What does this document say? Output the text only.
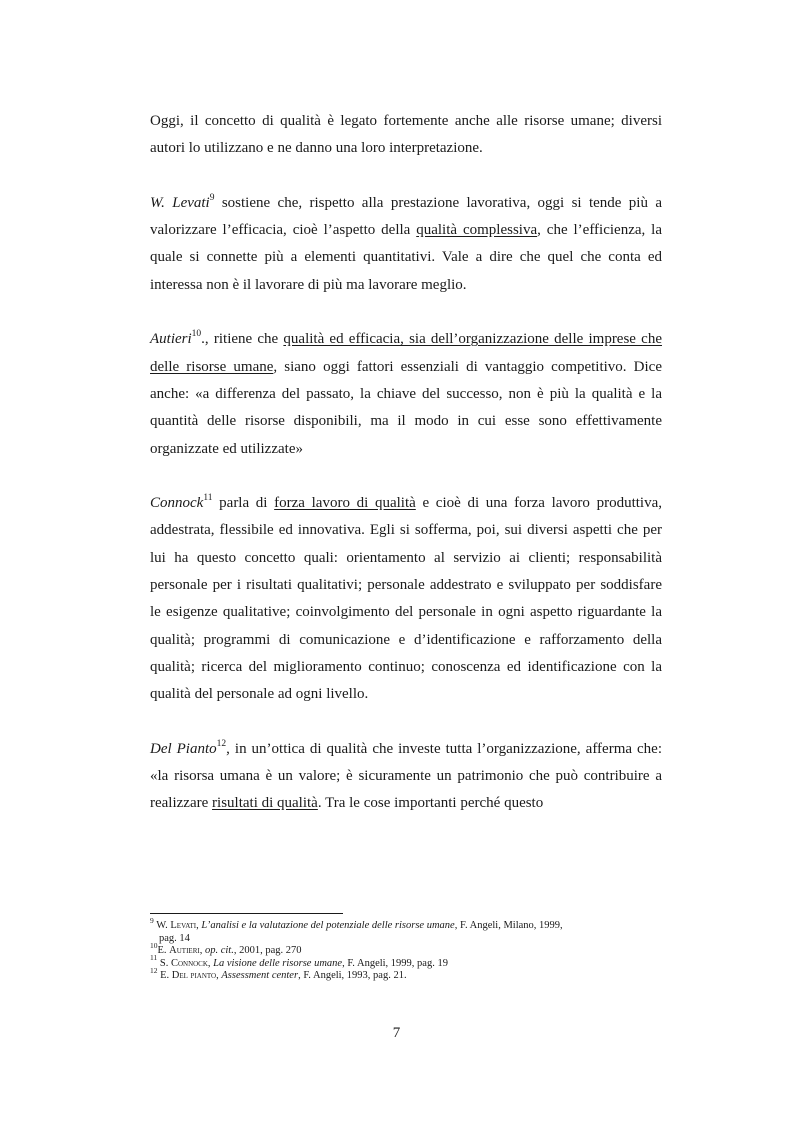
Oggi, il concetto di qualità è legato fortemente anche alle risorse umane; diversi autori lo utilizzano e ne danno una loro interpretazione.

W. Levati$^9$ sostiene che, rispetto alla prestazione lavorativa, oggi si tende più a valorizzare l’efficacia, cioè l’aspetto della qualità complessiva, che l’efficienza, la quale si connette più a elementi quantitativi. Vale a dire che quel che conta ed interessa non è il lavorare di più ma lavorare meglio.

Autieri$^{10}$., ritiene che qualità ed efficacia, sia dell’organizzazione delle imprese che delle risorse umane, siano oggi fattori essenziali di vantaggio competitivo. Dice anche: «a differenza del passato, la chiave del successo, non è più la qualità e la quantità delle risorse disponibili, ma il modo in cui esse sono effettivamente organizzate ed utilizzate»

Connock$^{11}$ parla di forza lavoro di qualità e cioè di una forza lavoro produttiva, addestrata, flessibile ed innovativa. Egli si sofferma, poi, sui diversi aspetti che per lui ha questo concetto quali: orientamento al servizio ai clienti; responsabilità personale per i risultati qualitativi; personale addestrato e sviluppato per soddisfare le esigenze qualitative; coinvolgimento del personale in ogni aspetto riguardante la qualità; programmi di comunicazione e d’identificazione e rafforzamento della qualità; ricerca del miglioramento continuo; conoscenza ed identificazione con la qualità del personale ad ogni livello.

Del Pianto$^{12}$, in un’ottica di qualità che investe tutta l’organizzazione, afferma che: «la risorsa umana è un valore; è sicuramente un patrimonio che può contribuire a realizzare risultati di qualità. Tra le cose importanti perché questo

$^9$ W. Levati, L’analisi e la valutazione del potenziale delle risorse umane, F. Angeli, Milano, 1999,
pag. 14

$^{10}$E. Autieri, op. cit., 2001, pag. 270

$^{11}$ S. Connock, La visione delle risorse umane, F. Angeli, 1999, pag. 19

$^{12}$ E. Del pianto, Assessment center, F. Angeli, 1993, pag. 21.

7
